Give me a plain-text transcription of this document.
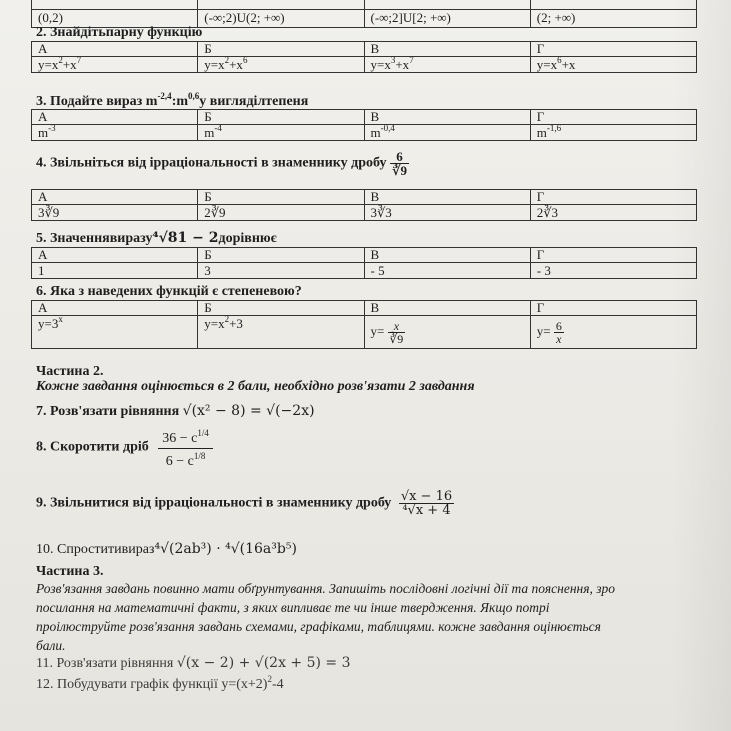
(0,2)	(-∞;2)U(2; +∞)	(-∞;2]U[2; +∞)	(2; +∞)
2. Знайдітьпарну функцію
А	Б	В	Г
$y=x^2+x^7$	$y=x^2+x^6$	$y=x^3+x^7$	$y=x^6+x$
3. Подайте вираз $m^{-2,4}:m^{0,6}у$ вигляділтепеня
А	Б	В	Г
$m^{-3}$	$m^{-4}$	$m^{-0,4}$	$m^{-1,6}$
4. Звільніться від ірраціональності в знаменнику дробу $\frac{6}{∛9}$
А	Б	В	Г
3∛9	2∛9	3∛3	2∛3
5. Значеннявиразу⁴√81 − 2дорівнює
А	Б	В	Г
1	3	- 5	- 3
6. Яка з наведених функцій є степеневою?
А	Б	В	Г
$y=3^x$	$y=x^2+3$	$y= \frac{x}{∛9}$	$y= \frac{6}{x}$
Частина 2.
Кожне завдання оцінюється в 2 бали, необхідно розв'язати 2 завдання
7. Розв'язати рівняння √(x² − 8) = √(−2x)
8. Скоротити дріб $\frac{36 - c^{1/4}}{6 - c^{1/8}}$
9. Звільнитися від ірраціональності в знаменнику дробу $\frac{√x - 16}{\text{⁴√x + 4}}$
10. Спроститивираз⁴√(2ab³) · ⁴√(16a³b⁵)
Частина 3.
Розв'язання завдань повинно мати обґрунтування. Запишіть послідовні логічні дії та пояснення, зро
посилання на математичні факти, з яких випливає те чи інше твердження. Якщо потрі
проілюструйте розв'язання завдань схемами, графіками, таблицями. кожне завдання оцінюється
бали.
11. Розв'язати рівняння √(x − 2) + √(2x + 5) = 3
12. Побудувати графік функції $y=(x+2)^2-4$
